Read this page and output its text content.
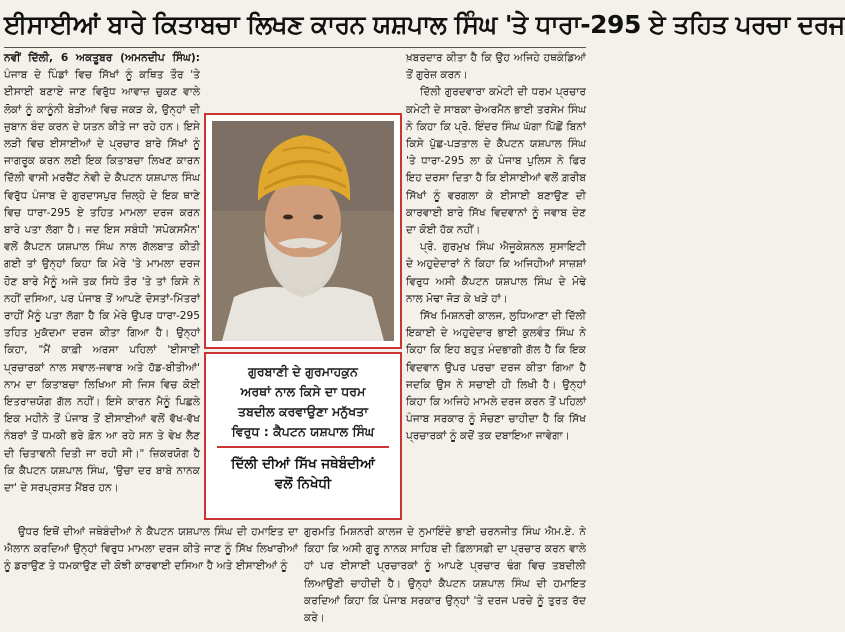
ਈਸਾਈਆਂ ਬਾਰੇ ਕਿਤਾਬਚਾ ਲਿਖਣ ਕਾਰਨ ਯਸ਼ਪਾਲ ਸਿੰਘ 'ਤੇ ਧਾਰਾ-295 ਏ ਤਹਿਤ ਪਰਚਾ ਦਰਜ

ਨਵੀਂ ਦਿੱਲੀ, 6 ਅਕਤੂਬਰ (ਅਮਨਦੀਪ ਸਿੰਘ): ਪੰਜਾਬ ਦੇ ਪਿੰਡਾਂ ਵਿਚ ਸਿੱਖਾਂ ਨੂੰ ਕਥਿਤ ਤੌਰ 'ਤੇ ਈਸਾਈ ਬਣਾਏ ਜਾਣ ਵਿਰੁੱਧ ਆਵਾਜ਼ ਚੁਕਣ ਵਾਲੇ ਲੋਕਾਂ ਨੂੰ ਕਾਨੂੰਨੀ ਬੇੜੀਆਂ ਵਿਚ ਜਕੜ ਕੇ, ਉਨ੍ਹਾਂ ਦੀ ਜ਼ੁਬਾਨ ਬੰਦ ਕਰਨ ਦੇ ਯਤਨ ਕੀਤੇ ਜਾ ਰਹੇ ਹਨ। ਇਸੇ ਲੜੀ ਵਿਚ ਈਸਾਈਆਂ ਦੇ ਪ੍ਰਚਾਰ ਬਾਰੇ ਸਿੱਖਾਂ ਨੂੰ ਜਾਗਰੂਕ ਕਰਨ ਲਈ ਇਕ ਕਿਤਾਬਚਾ ਲਿਖਣ ਕਾਰਨ ਦਿੱਲੀ ਵਾਸੀ ਮਰਚੈਂਟ ਨੇਵੀ ਦੇ ਕੈਪਟਨ ਯਸ਼ਪਾਲ ਸਿੰਘ ਵਿਰੁੱਧ ਪੰਜਾਬ ਦੇ ਗੁਰਦਾਸਪੁਰ ਜ਼ਿਲ੍ਹੇ ਦੇ ਇਕ ਥਾਣੇ ਵਿਚ ਧਾਰਾ-295 ਏ ਤਹਿਤ ਮਾਮਲਾ ਦਰਜ ਕਰਨ ਬਾਰੇ ਪਤਾ ਲੱਗਾ ਹੈ। ਜਦ ਇਸ ਸਬੰਧੀ 'ਸਪੋਕਸਮੈਨ' ਵਲੋਂ ਕੈਪਟਨ ਯਸ਼ਪਾਲ ਸਿੰਘ ਨਾਲ ਗੱਲਬਾਤ ਕੀਤੀ ਗਈ ਤਾਂ ਉਨ੍ਹਾਂ ਕਿਹਾ ਕਿ ਮੇਰੇ 'ਤੇ ਮਾਮਲਾ ਦਰਜ ਹੋਣ ਬਾਰੇ ਮੈਨੂੰ ਅਜੇ ਤਕ ਸਿਧੇ ਤੌਰ 'ਤੇ ਤਾਂ ਕਿਸੇ ਨੇ ਨਹੀਂ ਦਸਿਆ, ਪਰ ਪੰਜਾਬ ਤੋਂ ਆਪਣੇ ਦੋਸਤਾਂ-ਮਿੱਤਰਾਂ ਰਾਹੀਂ ਮੈਨੂੰ ਪਤਾ ਲੱਗਾ ਹੈ ਕਿ ਮੇਰੇ ਉਪਰ ਧਾਰਾ-295 ਤਹਿਤ ਮੁਕੱਦਮਾ ਦਰਜ ਕੀਤਾ ਗਿਆ ਹੈ। ਉਨ੍ਹਾਂ ਕਿਹਾ, "ਮੈਂ ਕਾਫ਼ੀ ਅਰਸਾ ਪਹਿਲਾਂ 'ਈਸਾਈ ਪ੍ਰਚਾਰਕਾਂ ਨਾਲ ਸਵਾਲ-ਜਵਾਬ ਅਤੇ ਹੱਡ-ਬੀਤੀਆਂ' ਨਾਮ ਦਾ ਕਿਤਾਬਚਾ ਲਿਖਿਆ ਸੀ ਜਿਸ ਵਿਚ ਕੋਈ ਇਤਰਾਜ਼ਯੋਗ ਗੱਲ ਨਹੀਂ। ਇਸੇ ਕਾਰਨ ਮੈਨੂੰ ਪਿਛਲੇ ਇਕ ਮਹੀਨੇ ਤੋਂ ਪੰਜਾਬ ਤੋਂ ਈਸਾਈਆਂ ਵਲੋਂ ਵੱਖ-ਵੱਖ ਨੰਬਰਾਂ ਤੋਂ ਧਮਕੀ ਭਰੇ ਫ਼ੋਨ ਆ ਰਹੇ ਸਨ ਤੇ ਵੇਖ ਲੈਣ ਦੀ ਚਿਤਾਵਨੀ ਦਿਤੀ ਜਾ ਰਹੀ ਸੀ।" ਜ਼ਿਕਰਯੋਗ ਹੈ ਕਿ ਕੈਪਟਨ ਯਸ਼ਪਾਲ ਸਿੰਘ, 'ਉਚਾ ਦਰ ਬਾਬੇ ਨਾਨਕ ਦਾ' ਦੇ ਸਰਪ੍ਰਸਤ ਮੈਂਬਰ ਹਨ।

ਗੁਰਬਾਣੀ ਦੇ ਗੁਰਮਾਹਕੁਨ

ਅਰਥਾਂ ਨਾਲ ਕਿਸੇ ਦਾ ਧਰਮ

ਤਬਦੀਲ ਕਰਵਾਉਣਾ ਮਨੁੱਖਤਾ

ਵਿਰੁਧ : ਕੈਪਟਨ ਯਸ਼ਪਾਲ ਸਿੰਘ

ਦਿੱਲੀ ਦੀਆਂ ਸਿੱਖ ਜਥੇਬੰਦੀਆਂ

ਵਲੋਂ ਨਿਖੇਧੀ

ਖ਼ਬਰਦਾਰ ਕੀਤਾ ਹੈ ਕਿ ਉਹ ਅਜਿਹੇ ਹਥਕੰਡਿਆਂ ਤੋਂ ਗੁਰੇਜ਼ ਕਰਨ।

ਦਿੱਲੀ ਗੁਰਦਵਾਰਾ ਕਮੇਟੀ ਦੀ ਧਰਮ ਪ੍ਰਚਾਰ ਕਮੇਟੀ ਦੇ ਸਾਬਕਾ ਚੇਅਰਮੈਨ ਭਾਈ ਤਰਸੇਮ ਸਿੰਘ ਨੇ ਕਿਹਾ ਕਿ ਪ੍ਰੋ. ਇੰਦਰ ਸਿੰਘ ਘੱਗਾ ਪਿੱਛੋਂ ਬਿਨਾਂ ਕਿਸੇ ਪੁੱਛ-ਪੜਤਾਲ ਦੇ ਕੈਪਟਨ ਯਸ਼ਪਾਲ ਸਿੰਘ 'ਤੇ ਧਾਰਾ-295 ਲਾ ਕੇ ਪੰਜਾਬ ਪੁਲਿਸ ਨੇ ਫਿਰ ਇਹ ਦਰਸਾ ਦਿਤਾ ਹੈ ਕਿ ਈਸਾਈਆਂ ਵਲੋਂ ਗ਼ਰੀਬ ਸਿੱਖਾਂ ਨੂੰ ਵਰਗਲਾ ਕੇ ਈਸਾਈ ਬਣਾਉਣ ਦੀ ਕਾਰਵਾਈ ਬਾਰੇ ਸਿੱਖ ਵਿਦਵਾਨਾਂ ਨੂੰ ਜਵਾਬ ਦੇਣ ਦਾ ਕੋਈ ਹੱਕ ਨਹੀਂ।

ਪ੍ਰੋ. ਗੁਰਮੁਖ ਸਿੰਘ ਐਜੂਕੇਸ਼ਨਲ ਸੁਸਾਇਟੀ ਦੇ ਅਹੁਦੇਦਾਰਾਂ ਨੇ ਕਿਹਾ ਕਿ ਅਜਿਹੀਆਂ ਸਾਜ਼ਸ਼ਾਂ ਵਿਰੁਧ ਅਸੀ ਕੈਪਟਨ ਯਸ਼ਪਾਲ ਸਿੰਘ ਦੇ ਮੋਢੇ ਨਾਲ ਮੋਢਾ ਜੋੜ ਕੇ ਖੜੇ ਹਾਂ।

ਸਿੱਖ ਮਿਸ਼ਨਰੀ ਕਾਲਜ, ਲੁਧਿਆਣਾ ਦੀ ਦਿੱਲੀ ਇਕਾਈ ਦੇ ਅਹੁਦੇਦਾਰ ਭਾਈ ਕੁਲਵੰਤ ਸਿੰਘ ਨੇ ਕਿਹਾ ਕਿ ਇਹ ਬਹੁਤ ਮੰਦਭਾਗੀ ਗੱਲ ਹੈ ਕਿ ਇਕ ਵਿਦਵਾਨ ਉਪਰ ਪਰਚਾ ਦਰਜ ਕੀਤਾ ਗਿਆ ਹੈ ਜਦਕਿ ਉਸ ਨੇ ਸਚਾਈ ਹੀ ਲਿਖੀ ਹੈ। ਉਨ੍ਹਾਂ ਕਿਹਾ ਕਿ ਅਜਿਹੇ ਮਾਮਲੇ ਦਰਜ ਕਰਨ ਤੋਂ ਪਹਿਲਾਂ ਪੰਜਾਬ ਸਰਕਾਰ ਨੂੰ ਸੋਚਣਾ ਚਾਹੀਦਾ ਹੈ ਕਿ ਸਿੱਖ ਪ੍ਰਚਾਰਕਾਂ ਨੂੰ ਕਦੋਂ ਤਕ ਦਬਾਇਆ ਜਾਵੇਗਾ।

ਉਧਰ ਇਥੋਂ ਦੀਆਂ ਜਥੇਬੰਦੀਆਂ ਨੇ ਕੈਪਟਨ ਯਸ਼ਪਾਲ ਸਿੰਘ ਦੀ ਹਮਾਇਤ ਦਾ ਐਲਾਨ ਕਰਦਿਆਂ ਉਨ੍ਹਾਂ ਵਿਰੁਧ ਮਾਮਲਾ ਦਰਜ ਕੀਤੇ ਜਾਣ ਨੂੰ ਸਿੱਖ ਲਿਖਾਰੀਆਂ ਨੂੰ ਡਰਾਉਣ ਤੇ ਧਮਕਾਉਣ ਦੀ ਕੋਝੀ ਕਾਰਵਾਈ ਦਸਿਆ ਹੈ ਅਤੇ ਈਸਾਈਆਂ ਨੂੰ

ਗੁਰਮਤਿ ਮਿਸ਼ਨਰੀ ਕਾਲਜ ਦੇ ਨੁਮਾਇੰਦੇ ਭਾਈ ਚਰਨਜੀਤ ਸਿੰਘ ਐਮ.ਏ. ਨੇ ਕਿਹਾ ਕਿ ਅਸੀ ਗੁਰੂ ਨਾਨਕ ਸਾਹਿਬ ਦੀ ਫ਼ਿਲਾਸਫ਼ੀ ਦਾ ਪ੍ਰਚਾਰ ਕਰਨ ਵਾਲੇ ਹਾਂ ਪਰ ਈਸਾਈ ਪ੍ਰਚਾਰਕਾਂ ਨੂੰ ਆਪਣੇ ਪ੍ਰਚਾਰ ਢੰਗ ਵਿਚ ਤਬਦੀਲੀ ਲਿਆਉਣੀ ਚਾਹੀਦੀ ਹੈ। ਉਨ੍ਹਾਂ ਕੈਪਟਨ ਯਸ਼ਪਾਲ ਸਿੰਘ ਦੀ ਹਮਾਇਤ ਕਰਦਿਆਂ ਕਿਹਾ ਕਿ ਪੰਜਾਬ ਸਰਕਾਰ ਉਨ੍ਹਾਂ 'ਤੇ ਦਰਜ ਪਰਚੇ ਨੂੰ ਤੁਰਤ ਰੱਦ ਕਰੇ।
